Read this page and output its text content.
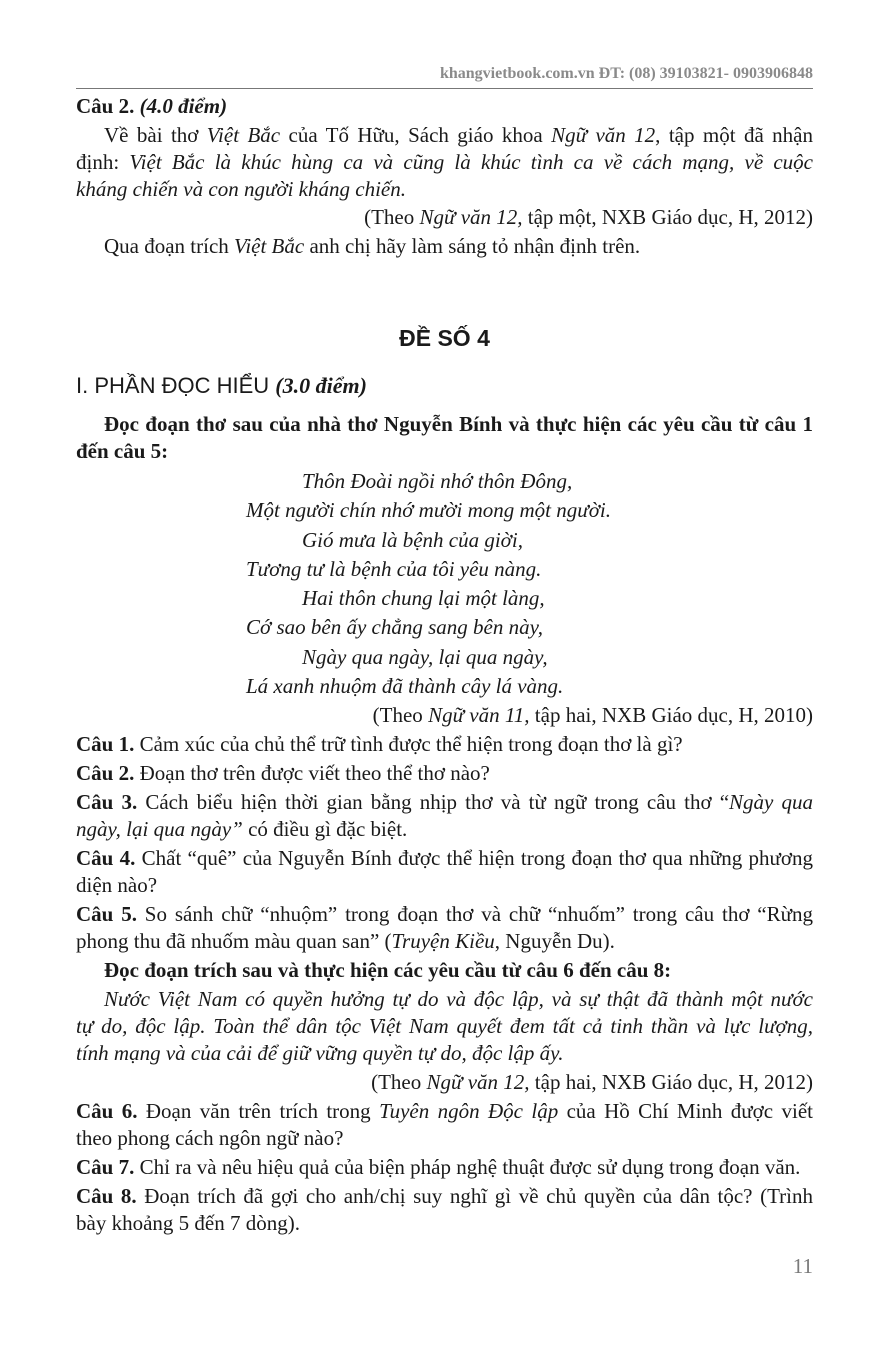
khangvietbook.com.vn ĐT: (08) 39103821- 0903906848
Câu 2. (4.0 điểm)
Về bài thơ Việt Bắc của Tố Hữu, Sách giáo khoa Ngữ văn 12, tập một đã nhận
định: Việt Bắc là khúc hùng ca và cũng là khúc tình ca về cách mạng, về cuộc
kháng chiến và con người kháng chiến.
(Theo Ngữ văn 12, tập một, NXB Giáo dục, H, 2012)
Qua đoạn trích Việt Bắc anh chị hãy làm sáng tỏ nhận định trên.
ĐỀ SỐ 4
I. PHẦN ĐỌC HIỂU (3.0 điểm)
Đọc đoạn thơ sau của nhà thơ Nguyễn Bính và thực hiện các yêu cầu từ câu 1
đến câu 5:
Thôn Đoài ngồi nhớ thôn Đông,
Một người chín nhớ mười mong một người.
Gió mưa là bệnh của giời,
Tương tư là bệnh của tôi yêu nàng.
Hai thôn chung lại một làng,
Cớ sao bên ấy chẳng sang bên này,
Ngày qua ngày, lại qua ngày,
Lá xanh nhuộm đã thành cây lá vàng.
(Theo Ngữ văn 11, tập hai, NXB Giáo dục, H, 2010)
Câu 1. Cảm xúc của chủ thể trữ tình được thể hiện trong đoạn thơ là gì?
Câu 2. Đoạn thơ trên được viết theo thể thơ nào?
Câu 3. Cách biểu hiện thời gian bằng nhịp thơ và từ ngữ trong câu thơ “Ngày qua
ngày, lại qua ngày” có điều gì đặc biệt.
Câu 4. Chất “quê” của Nguyễn Bính được thể hiện trong đoạn thơ qua những phương
diện nào?
Câu 5. So sánh chữ “nhuộm” trong đoạn thơ và chữ “nhuốm” trong câu thơ “Rừng
phong thu đã nhuốm màu quan san” (Truyện Kiều, Nguyễn Du).
Đọc đoạn trích sau và thực hiện các yêu cầu từ câu 6 đến câu 8:
Nước Việt Nam có quyền hưởng tự do và độc lập, và sự thật đã thành một nước
tự do, độc lập. Toàn thể dân tộc Việt Nam quyết đem tất cả tinh thần và lực lượng,
tính mạng và của cải để giữ vững quyền tự do, độc lập ấy.
(Theo Ngữ văn 12, tập hai, NXB Giáo dục, H, 2012)
Câu 6. Đoạn văn trên trích trong Tuyên ngôn Độc lập của Hồ Chí Minh được viết
theo phong cách ngôn ngữ nào?
Câu 7. Chỉ ra và nêu hiệu quả của biện pháp nghệ thuật được sử dụng trong đoạn văn.
Câu 8. Đoạn trích đã gợi cho anh/chị suy nghĩ gì về chủ quyền của dân tộc? (Trình
bày khoảng 5 đến 7 dòng).
11
